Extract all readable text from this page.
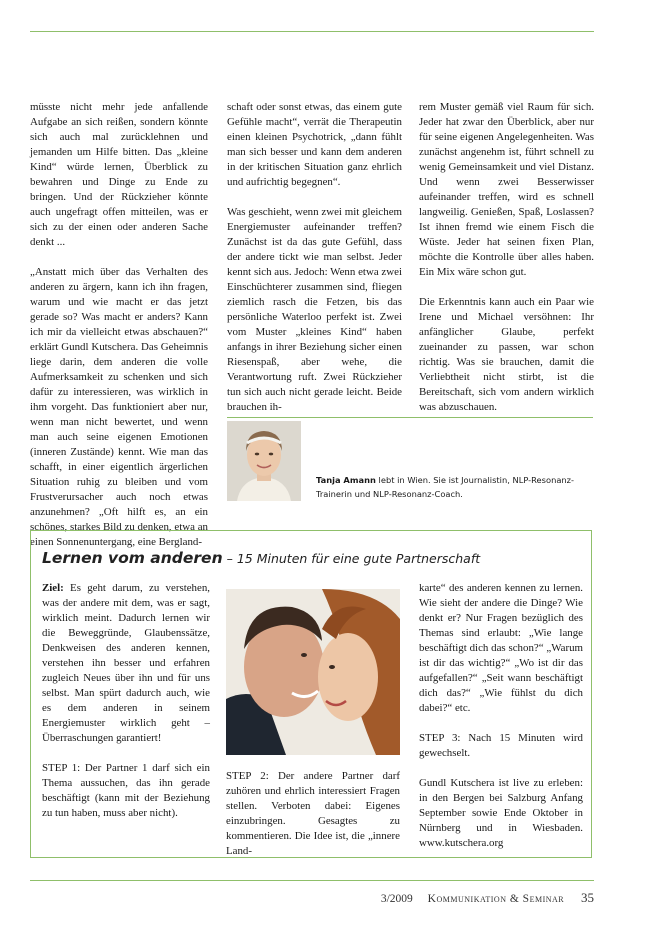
müsste nicht mehr jede anfallende Aufgabe an sich reißen, sondern könnte sich auch mal zurücklehnen und jemanden um Hilfe bitten. Das „kleine Kind“ würde lernen, Überblick zu bewahren und Dinge zu Ende zu bringen. Und der Rückzieher könnte auch ungefragt offen mitteilen, was er sich zu der einen oder anderen Sache denkt ...

„Anstatt mich über das Verhalten des anderen zu ärgern, kann ich ihn fragen, warum und wie macht er das jetzt gerade so? Was macht er anders? Kann ich mir da vielleicht etwas abschauen?“ erklärt Gundl Kutschera. Das Geheimnis liege darin, dem anderen die volle Aufmerksamkeit zu schenken und sich dafür zu interessieren, was wirklich in ihm vorgeht. Das funktioniert aber nur, wenn man nicht bewertet, und wenn man auch seine eigenen Emotionen (inneren Zustände) kennt. Wie man das schafft, in einer eigentlich ärgerlichen Situation ruhig zu bleiben und vom Frustverursacher auch noch etwas anzunehmen? „Oft hilft es, an ein schönes, starkes Bild zu denken, etwa an einen Sonnenuntergang, eine Bergland-

schaft oder sonst etwas, das einem gute Gefühle macht“, verrät die Therapeutin einen kleinen Psychotrick, „dann fühlt man sich besser und kann dem anderen in der kritischen Situation ganz ehrlich und aufrichtig begegnen“.

Was geschieht, wenn zwei mit gleichem Energiemuster aufeinander treffen? Zunächst ist da das gute Gefühl, dass der andere tickt wie man selbst. Jeder kennt sich aus. Jedoch: Wenn etwa zwei Einschüchterer zusammen sind, fliegen ziemlich rasch die Fetzen, bis das persönliche Waterloo perfekt ist. Zwei vom Muster „kleines Kind“ haben anfangs in ihrer Beziehung sicher einen Riesenspaß, aber wehe, die Verantwortung ruft. Zwei Rückzieher tun sich auch nicht gerade leicht. Beide brauchen ih-

rem Muster gemäß viel Raum für sich. Jeder hat zwar den Überblick, aber nur für seine eigenen Angelegenheiten. Was zunächst angenehm ist, führt schnell zu wenig Gemeinsamkeit und viel Distanz. Und wenn zwei Besserwisser aufeinander treffen, wird es schnell langweilig. Genießen, Spaß, Loslassen? Ist ihnen fremd wie einem Fisch die Wüste. Jeder hat seinen fixen Plan, möchte die Kontrolle über alles haben. Ein Mix wäre schon gut.

Die Erkenntnis kann auch ein Paar wie Irene und Michael versöhnen: Ihr anfänglicher Glaube, perfekt zueinander zu passen, war schon richtig. Was sie brauchen, damit die Verliebtheit nicht stirbt, ist die Bereitschaft, sich vom andern wirklich was abzuschauen.

Tanja Amann lebt in Wien. Sie ist Journalistin, NLP-Resonanz-Trainerin und NLP-Resonanz-Coach.
Lernen vom anderen – 15 Minuten für eine gute Partnerschaft

Ziel: Es geht darum, zu verstehen, was der andere mit dem, was er sagt, wirklich meint. Dadurch lernen wir die Beweggründe, Glaubenssätze, Denkweisen des anderen kennen, verstehen ihn besser und erfahren zugleich Neues über ihn und für uns selbst. Man spürt dadurch auch, wie es dem anderen in seinem Energiemuster wirklich geht – Überraschungen garantiert!

STEP 1: Der Partner 1 darf sich ein Thema aussuchen, das ihn gerade beschäftigt (kann mit der Beziehung zu tun haben, muss aber nicht).

STEP 2: Der andere Partner darf zuhören und ehrlich interessiert Fragen stellen. Verboten dabei: Eigenes einzubringen. Gesagtes zu kommentieren. Die Idee ist, die „innere Land-

karte“ des anderen kennen zu lernen. Wie sieht der andere die Dinge? Wie denkt er? Nur Fragen bezüglich des Themas sind erlaubt: „Wie lange beschäftigt dich das schon?“ „Warum ist dir das wichtig?“ „Wo ist dir das aufgefallen?“ „Seit wann beschäftigt dich das?“ „Wie fühlst du dich dabei?“ etc.

STEP 3: Nach 15 Minuten wird gewechselt.

Gundl Kutschera ist live zu erleben: in den Bergen bei Salzburg Anfang September sowie Ende Oktober in Nürnberg und in Wiesbaden. www.kutschera.org

3/2009 Kommunikation & Seminar 35
